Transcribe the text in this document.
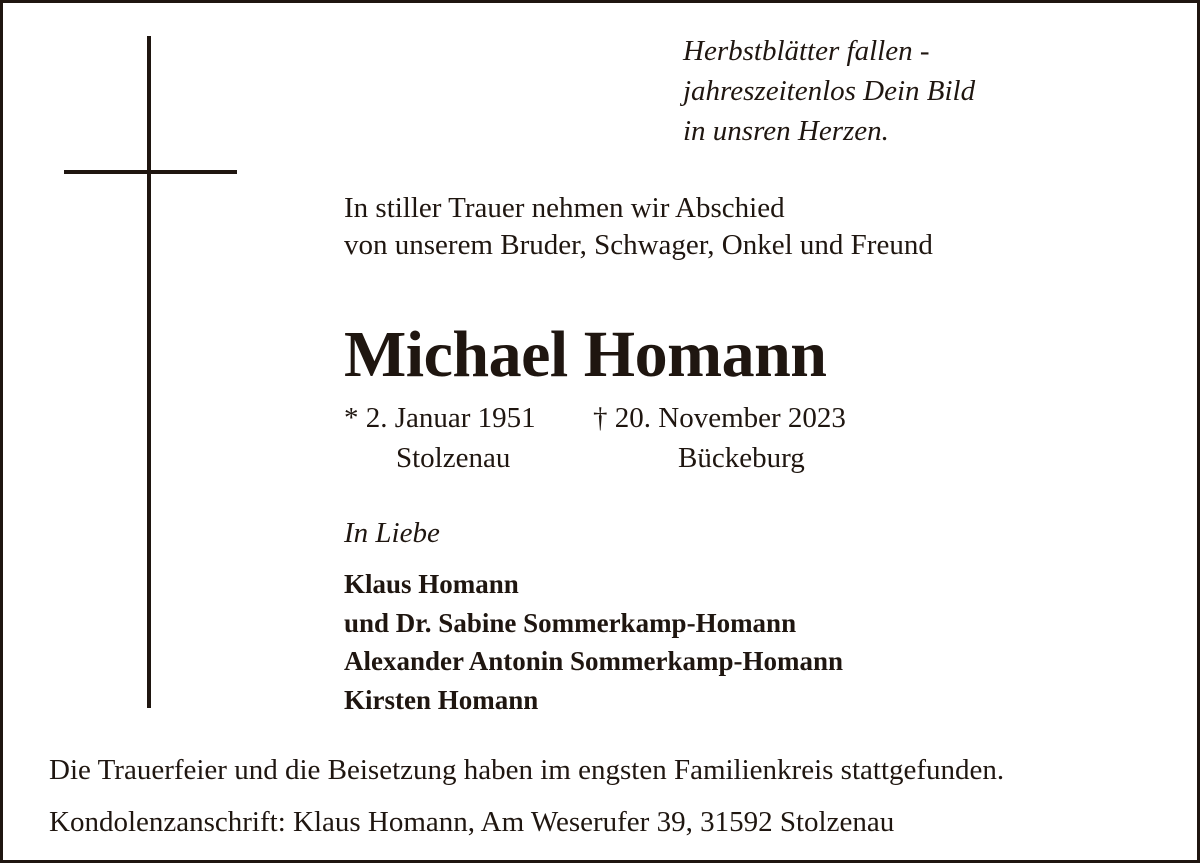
Herbstblätter fallen -
jahreszeitenlos Dein Bild
in unsren Herzen.
In stiller Trauer nehmen wir Abschied
von unserem Bruder, Schwager, Onkel und Freund
Michael Homann
* 2. Januar 1951 † 20. November 2023
Stolzenau	Bückeburg
In Liebe
Klaus Homann
und Dr. Sabine Sommerkamp-Homann
Alexander Antonin Sommerkamp-Homann
Kirsten Homann
Die Trauerfeier und die Beisetzung haben im engsten Familienkreis stattgefunden.
Kondolenzanschrift: Klaus Homann, Am Weserufer 39, 31592 Stolzenau
